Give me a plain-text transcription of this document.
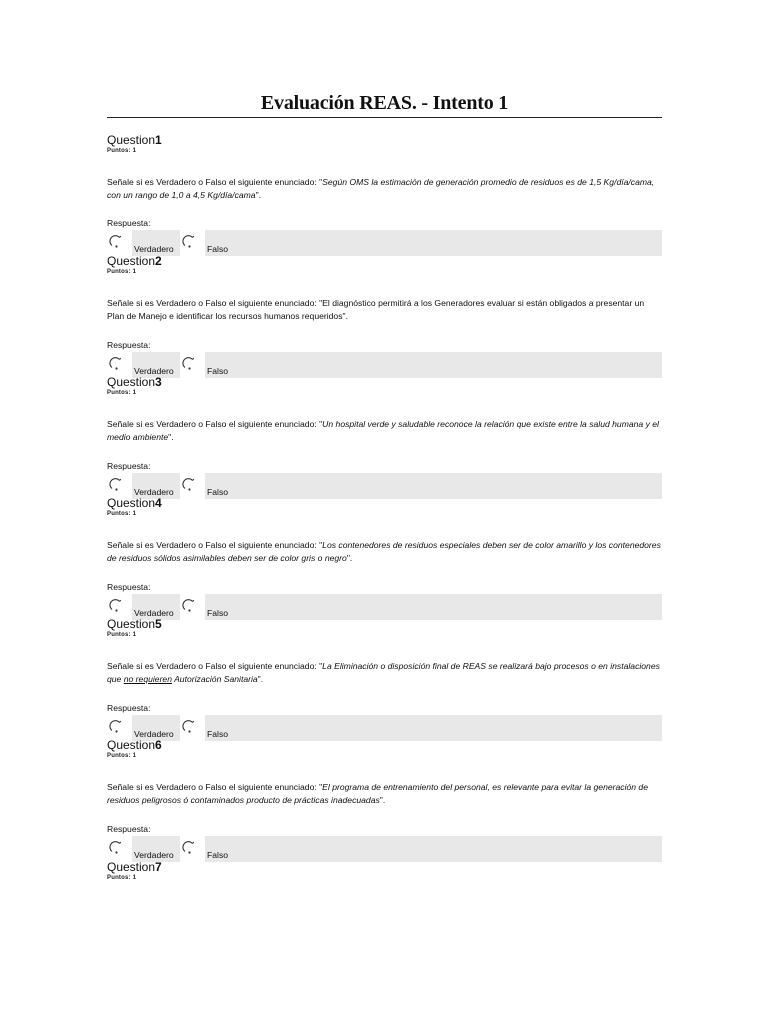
Evaluación REAS. - Intento 1
Question1
Puntos: 1
Señale si es Verdadero o Falso el siguiente enunciado: "Según OMS la estimación de generación promedio de residuos es de 1,5 Kg/día/cama, con un rango de 1,0 a 4,5 Kg/día/cama".
Respuesta:
Verdadero	Falso
Question2
Puntos: 1
Señale si es Verdadero o Falso el siguiente enunciado: "El diagnóstico permitirá a los Generadores evaluar si están obligados a presentar un Plan de Manejo e identificar los recursos humanos requeridos".
Respuesta:
Verdadero	Falso
Question3
Puntos: 1
Señale si es Verdadero o Falso el siguiente enunciado: "Un hospital verde y saludable reconoce la relación que existe entre la salud humana y el medio ambiente".
Respuesta:
Verdadero	Falso
Question4
Puntos: 1
Señale si es Verdadero o Falso el siguiente enunciado: "Los contenedores de residuos especiales deben ser de color amarillo y los contenedores de residuos sólidos asimilables deben ser de color gris o negro".
Respuesta:
Verdadero	Falso
Question5
Puntos: 1
Señale si es Verdadero o Falso el siguiente enunciado: "La Eliminación o disposición final de REAS se realizará bajo procesos o en instalaciones que no requieren Autorización Sanitaria".
Respuesta:
Verdadero	Falso
Question6
Puntos: 1
Señale si es Verdadero o Falso el siguiente enunciado: "El programa de entrenamiento del personal, es relevante para evitar la generación de residuos peligrosos ó contaminados producto de prácticas inadecuadas".
Respuesta:
Verdadero	Falso
Question7
Puntos: 1
